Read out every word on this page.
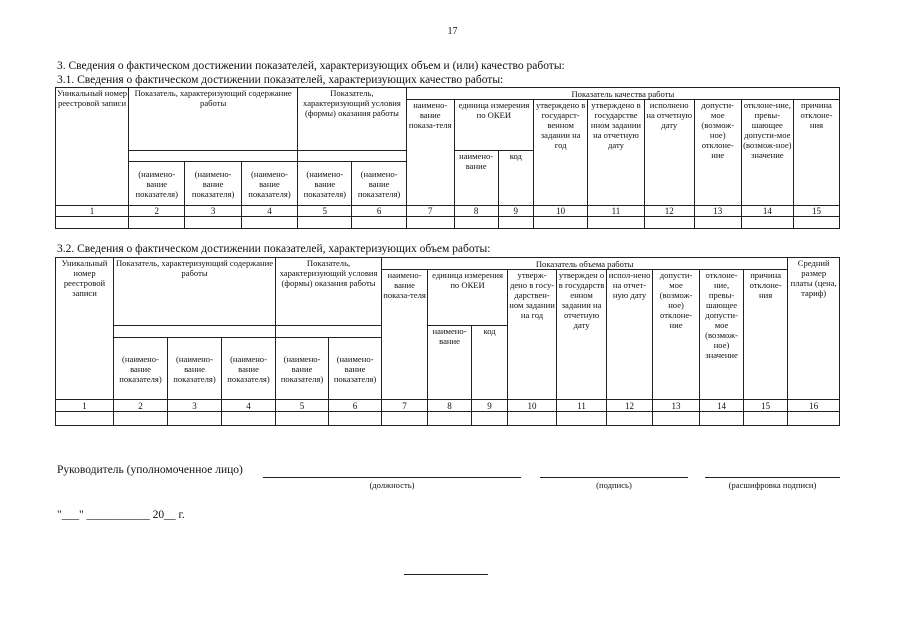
17
3. Сведения о фактическом достижении показателей, характеризующих объем и (или) качество работы:
3.1. Сведения о фактическом достижении показателей, характеризующих качество работы:
Уникальный номер реестровой записи	Показатель, характеризующий содержание работы			Показатель, характеризующий условия (формы) оказания работы		Показатель качества работы								
						наимено-вание показа-теля	единица измерения по ОКЕИ		утверждено в государст-венном задании на год	утверждено в государстве нном задании на отчетную дату	исполнено на отчетную дату	допусти-мое (возмож-ное) отклоне-ние	отклоне-ние, превы-шающее допусти-мое (возмож-ное) значение	причина отклоне-ния
							наимено-вание	код						
	(наимено-вание показателя)	(наимено-вание показателя)	(наимено-вание показателя)	(наимено-вание показателя)	(наимено-вание показателя)									
1	2	3	4	5	6	7	8	9	10	11	12	13	14	15

3.2. Сведения о фактическом достижении показателей, характеризующих объем работы:
Уникальный номер реестровой записи	Показатель, характеризующий содержание работы			Показатель, характеризующий условия (формы) оказания работы		Показатель объема работы									Средний размер платы (цена, тариф)
						наимено-вание показа-теля	единица измерения по ОКЕИ		утверж-дено в госу-дарствен-ном задании на год	утвержден о в государств енном задании на отчетную дату	испол-нено на отчет-ную дату	допусти-мое (возмож-ное) отклоне-ние	отклоне-ние, превы-шающее допусти-мое (возмож-ное) значение	причина отклоне-ния	
							наимено-вание	код							
	(наимено-вание показателя)	(наимено-вание показателя)	(наимено-вание показателя)	(наимено-вание показателя)	(наимено-вание показателя)										
1	2	3	4	5	6	7	8	9	10	11	12	13	14	15	16

Руководитель (уполномоченное лицо)
(должность)	(подпись)	(расшифровка подписи)
"___" ___________ 20__ г.
